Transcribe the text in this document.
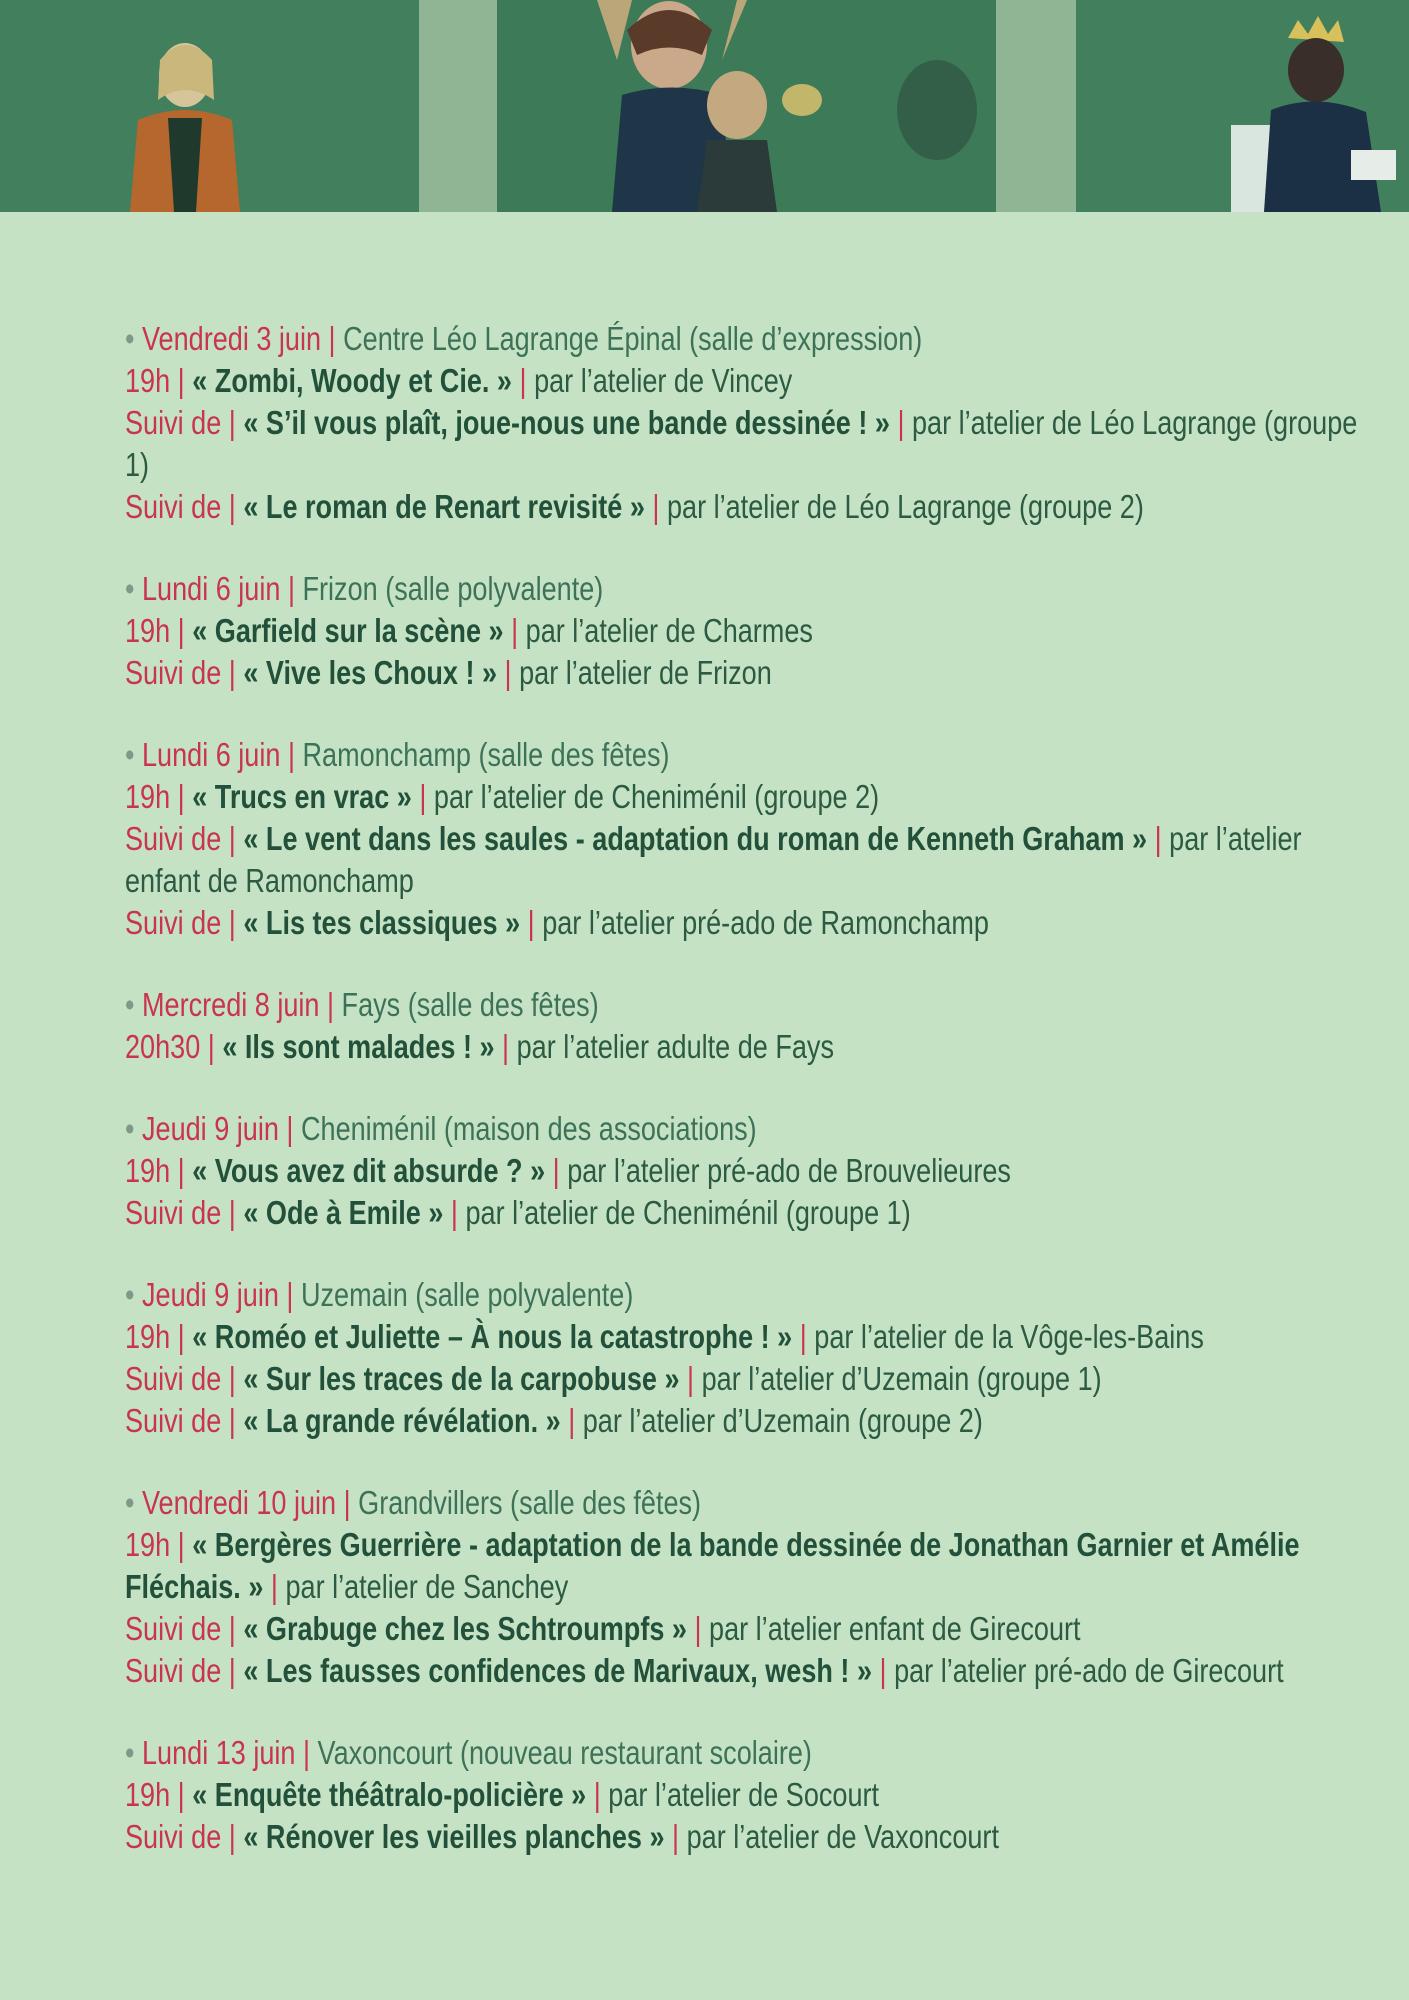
• Vendredi 3 juin | Centre Léo Lagrange Épinal (salle d’expression)
19h | « Zombi, Woody et Cie. » | par l’atelier de Vincey
Suivi de | « S’il vous plaît, joue-nous une bande dessinée ! » | par l’atelier de Léo Lagrange (groupe 1)
Suivi de | « Le roman de Renart revisité » | par l’atelier de Léo Lagrange (groupe 2)
• Lundi 6 juin | Frizon (salle polyvalente)
19h | « Garfield sur la scène » | par l’atelier de Charmes
Suivi de | « Vive les Choux ! » | par l’atelier de Frizon
• Lundi 6 juin | Ramonchamp (salle des fêtes)
19h | « Trucs en vrac » | par l’atelier de Cheniménil (groupe 2)
Suivi de | « Le vent dans les saules - adaptation du roman de Kenneth Graham » | par l’atelier enfant de Ramonchamp
Suivi de | « Lis tes classiques » | par l’atelier pré-ado de Ramonchamp
• Mercredi 8 juin | Fays (salle des fêtes)
20h30 | « Ils sont malades ! » | par l’atelier adulte de Fays
• Jeudi 9 juin | Cheniménil (maison des associations)
19h | « Vous avez dit absurde ? » | par l’atelier pré-ado de Brouvelieures
Suivi de | « Ode à Emile » | par l’atelier de Cheniménil (groupe 1)
• Jeudi 9 juin | Uzemain (salle polyvalente)
19h | « Roméo et Juliette – À nous la catastrophe ! » | par l’atelier de la Vôge-les-Bains
Suivi de | « Sur les traces de la carpobuse » | par l’atelier d’Uzemain (groupe 1)
Suivi de | « La grande révélation. » | par l’atelier d’Uzemain (groupe 2)
• Vendredi 10 juin | Grandvillers (salle des fêtes)
19h | « Bergères Guerrière - adaptation de la bande dessinée de Jonathan Garnier et Amélie Fléchais. » | par l’atelier de Sanchey
Suivi de | « Grabuge chez les Schtroumpfs » | par l’atelier enfant de Girecourt
Suivi de | « Les fausses confidences de Marivaux, wesh ! » | par l’atelier pré-ado de Girecourt
• Lundi 13 juin | Vaxoncourt (nouveau restaurant scolaire)
19h | « Enquête théâtralo-policière » | par l’atelier de Socourt
Suivi de | « Rénover les vieilles planches » | par l’atelier de Vaxoncourt
